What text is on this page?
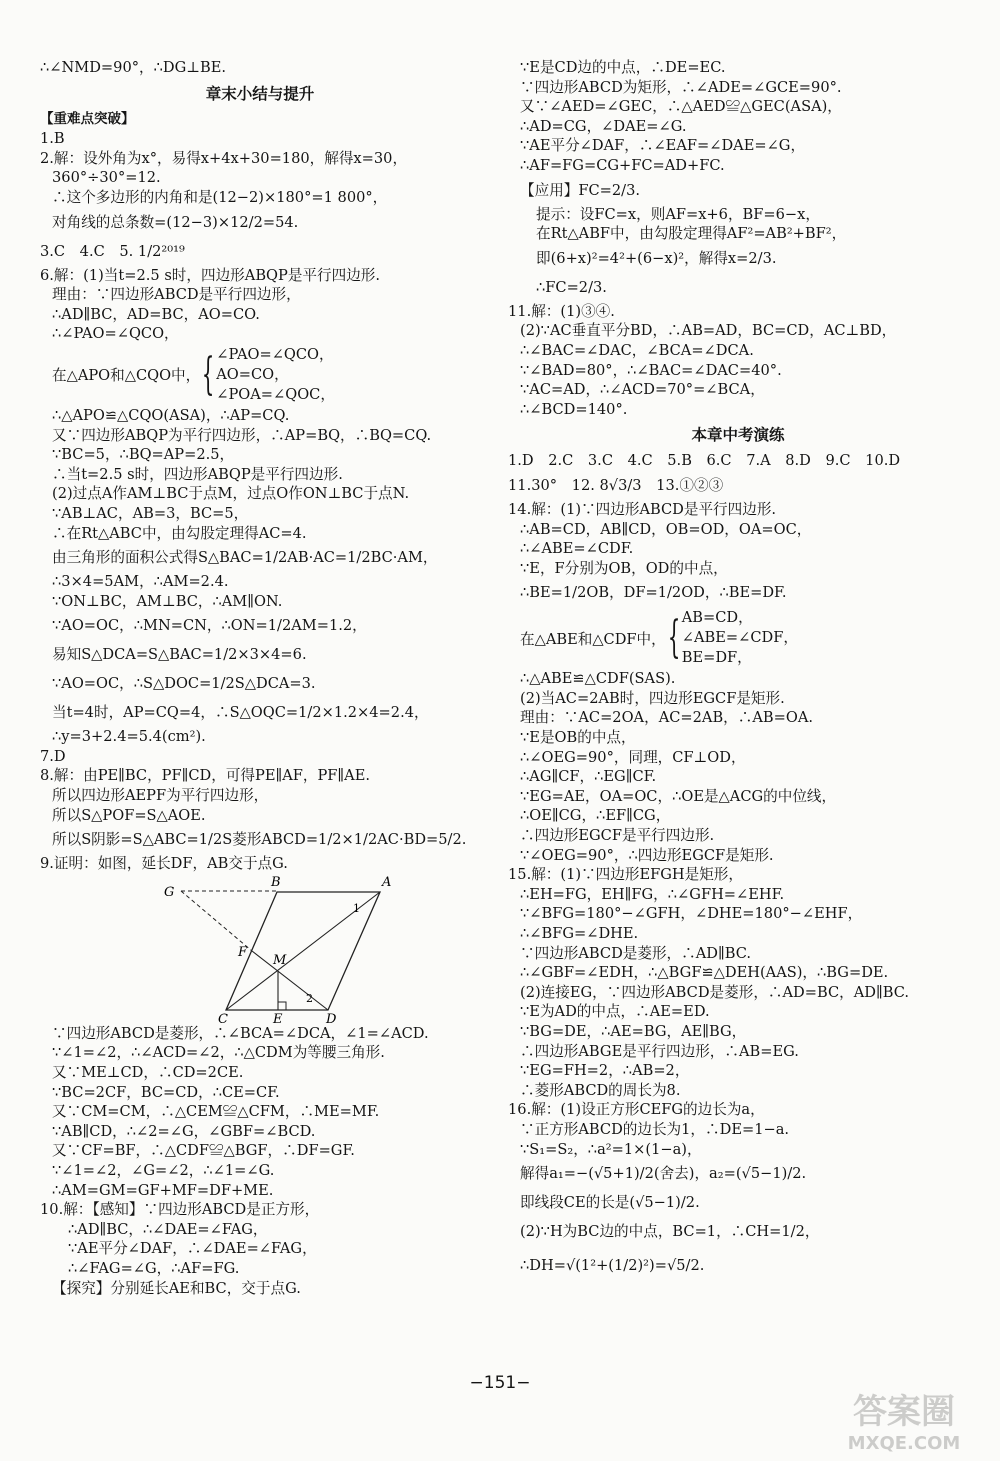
∴∠NMD=90°，∴DG⊥BE.
章末小结与提升
【重难点突破】
1.B
2.解：设外角为x°，易得x+4x+30=180，解得x=30，
360°÷30°=12.
∴这个多边形的内角和是(12−2)×180°=1 800°，
对角线的总条数=(12−3)×12/2=54.
3.C　4.C　5. 1/2²⁰¹⁹
6.解：(1)当t=2.5 s时，四边形ABQP是平行四边形.
理由：∵四边形ABCD是平行四边形，
∴AD∥BC，AD=BC，AO=CO.
∴∠PAO=∠QCO，
在△APO和△CQO中， { ∠PAO=∠QCO，
AO=CO，
∠POA=∠QOC，
∴△APO≌△CQO(ASA)，∴AP=CQ.
又∵四边形ABQP为平行四边形，∴AP=BQ，∴BQ=CQ.
∵BC=5，∴BQ=AP=2.5，
∴当t=2.5 s时，四边形ABQP是平行四边形.
(2)过点A作AM⊥BC于点M，过点O作ON⊥BC于点N.
∵AB⊥AC，AB=3，BC=5，
∴在Rt△ABC中，由勾股定理得AC=4.
由三角形的面积公式得S△BAC=1/2AB·AC=1/2BC·AM，
∴3×4=5AM，∴AM=2.4.
∵ON⊥BC，AM⊥BC，∴AM∥ON.
∵AO=OC，∴MN=CN，∴ON=1/2AM=1.2，
易知S△DCA=S△BAC=1/2×3×4=6.
∵AO=OC，∴S△DOC=1/2S△DCA=3.
当t=4时，AP=CQ=4，∴S△OQC=1/2×1.2×4=2.4，
∴y=3+2.4=5.4(cm²).
7.D
8.解：由PE∥BC，PF∥CD，可得PE∥AF，PF∥AE.
所以四边形AEPF为平行四边形，
所以S△POF=S△AOE.
所以S阴影=S△ABC=1/2S菱形ABCD=1/2×1/2AC·BD=5/2.
9.证明：如图，延长DF，AB交于点G.
G
B	A
F
M
C	E	D
1
2
∵四边形ABCD是菱形，∴∠BCA=∠DCA，∠1=∠ACD.
∵∠1=∠2，∴∠ACD=∠2，∴△CDM为等腰三角形.
又∵ME⊥CD，∴CD=2CE.
∵BC=2CF，BC=CD，∴CE=CF.
又∵CM=CM，∴△CEM≌△CFM，∴ME=MF.
∵AB∥CD，∴∠2=∠G，∠GBF=∠BCD.
又∵CF=BF，∴△CDF≌△BGF，∴DF=GF.
∵∠1=∠2，∠G=∠2，∴∠1=∠G.
∴AM=GM=GF+MF=DF+ME.
10.解：【感知】∵四边形ABCD是正方形，
∴AD∥BC，∴∠DAE=∠FAG，
∵AE平分∠DAF，∴∠DAE=∠FAG，
∴∠FAG=∠G，∴AF=FG.
【探究】分别延长AE和BC，交于点G.
∵E是CD边的中点，∴DE=EC.
∵四边形ABCD为矩形，∴∠ADE=∠GCE=90°.
又∵∠AED=∠GEC，∴△AED≌△GEC(ASA)，
∴AD=CG，∠DAE=∠G.
∵AE平分∠DAF，∴∠EAF=∠DAE=∠G，
∴AF=FG=CG+FC=AD+FC.
【应用】FC=2/3.
提示：设FC=x，则AF=x+6，BF=6−x，
在Rt△ABF中，由勾股定理得AF²=AB²+BF²，
即(6+x)²=4²+(6−x)²，解得x=2/3.
∴FC=2/3.
11.解：(1)③④.
(2)∵AC垂直平分BD，∴AB=AD，BC=CD，AC⊥BD，
∴∠BAC=∠DAC，∠BCA=∠DCA.
∵∠BAD=80°，∴∠BAC=∠DAC=40°.
∵AC=AD，∴∠ACD=70°=∠BCA，
∴∠BCD=140°.
本章中考演练
1.D　2.C　3.C　4.C　5.B　6.C　7.A　8.D　9.C　10.D
11.30°　12. 8√3/3　13.①②③
14.解：(1)∵四边形ABCD是平行四边形.
∴AB=CD，AB∥CD，OB=OD，OA=OC，
∴∠ABE=∠CDF.
∵E，F分别为OB，OD的中点，
∴BE=1/2OB，DF=1/2OD，∴BE=DF.
在△ABE和△CDF中， { AB=CD，
∠ABE=∠CDF，
BE=DF，
∴△ABE≌△CDF(SAS).
(2)当AC=2AB时，四边形EGCF是矩形.
理由：∵AC=2OA，AC=2AB，∴AB=OA.
∵E是OB的中点，
∴∠OEG=90°，同理，CF⊥OD，
∴AG∥CF，∴EG∥CF.
∵EG=AE，OA=OC，∴OE是△ACG的中位线，
∴OE∥CG，∴EF∥CG，
∴四边形EGCF是平行四边形.
∵∠OEG=90°，∴四边形EGCF是矩形.
15.解：(1)∵四边形EFGH是矩形，
∴EH=FG，EH∥FG，∴∠GFH=∠EHF.
∵∠BFG=180°−∠GFH，∠DHE=180°−∠EHF，
∴∠BFG=∠DHE.
∵四边形ABCD是菱形，∴AD∥BC.
∴∠GBF=∠EDH，∴△BGF≌△DEH(AAS)，∴BG=DE.
(2)连接EG，∵四边形ABCD是菱形，∴AD=BC，AD∥BC.
∵E为AD的中点，∴AE=ED.
∵BG=DE，∴AE=BG，AE∥BG，
∴四边形ABGE是平行四边形，∴AB=EG.
∵EG=FH=2，∴AB=2，
∴菱形ABCD的周长为8.
16.解：(1)设正方形CEFG的边长为a，
∵正方形ABCD的边长为1，∴DE=1−a.
∵S₁=S₂，∴a²=1×(1−a)，
解得a₁=−(√5+1)/2(舍去)，a₂=(√5−1)/2.
即线段CE的长是(√5−1)/2.
(2)∵H为BC边的中点，BC=1，∴CH=1/2，
∴DH=√(1²+(1/2)²)=√5/2.
−151−
答案圈
MXQE.COM
